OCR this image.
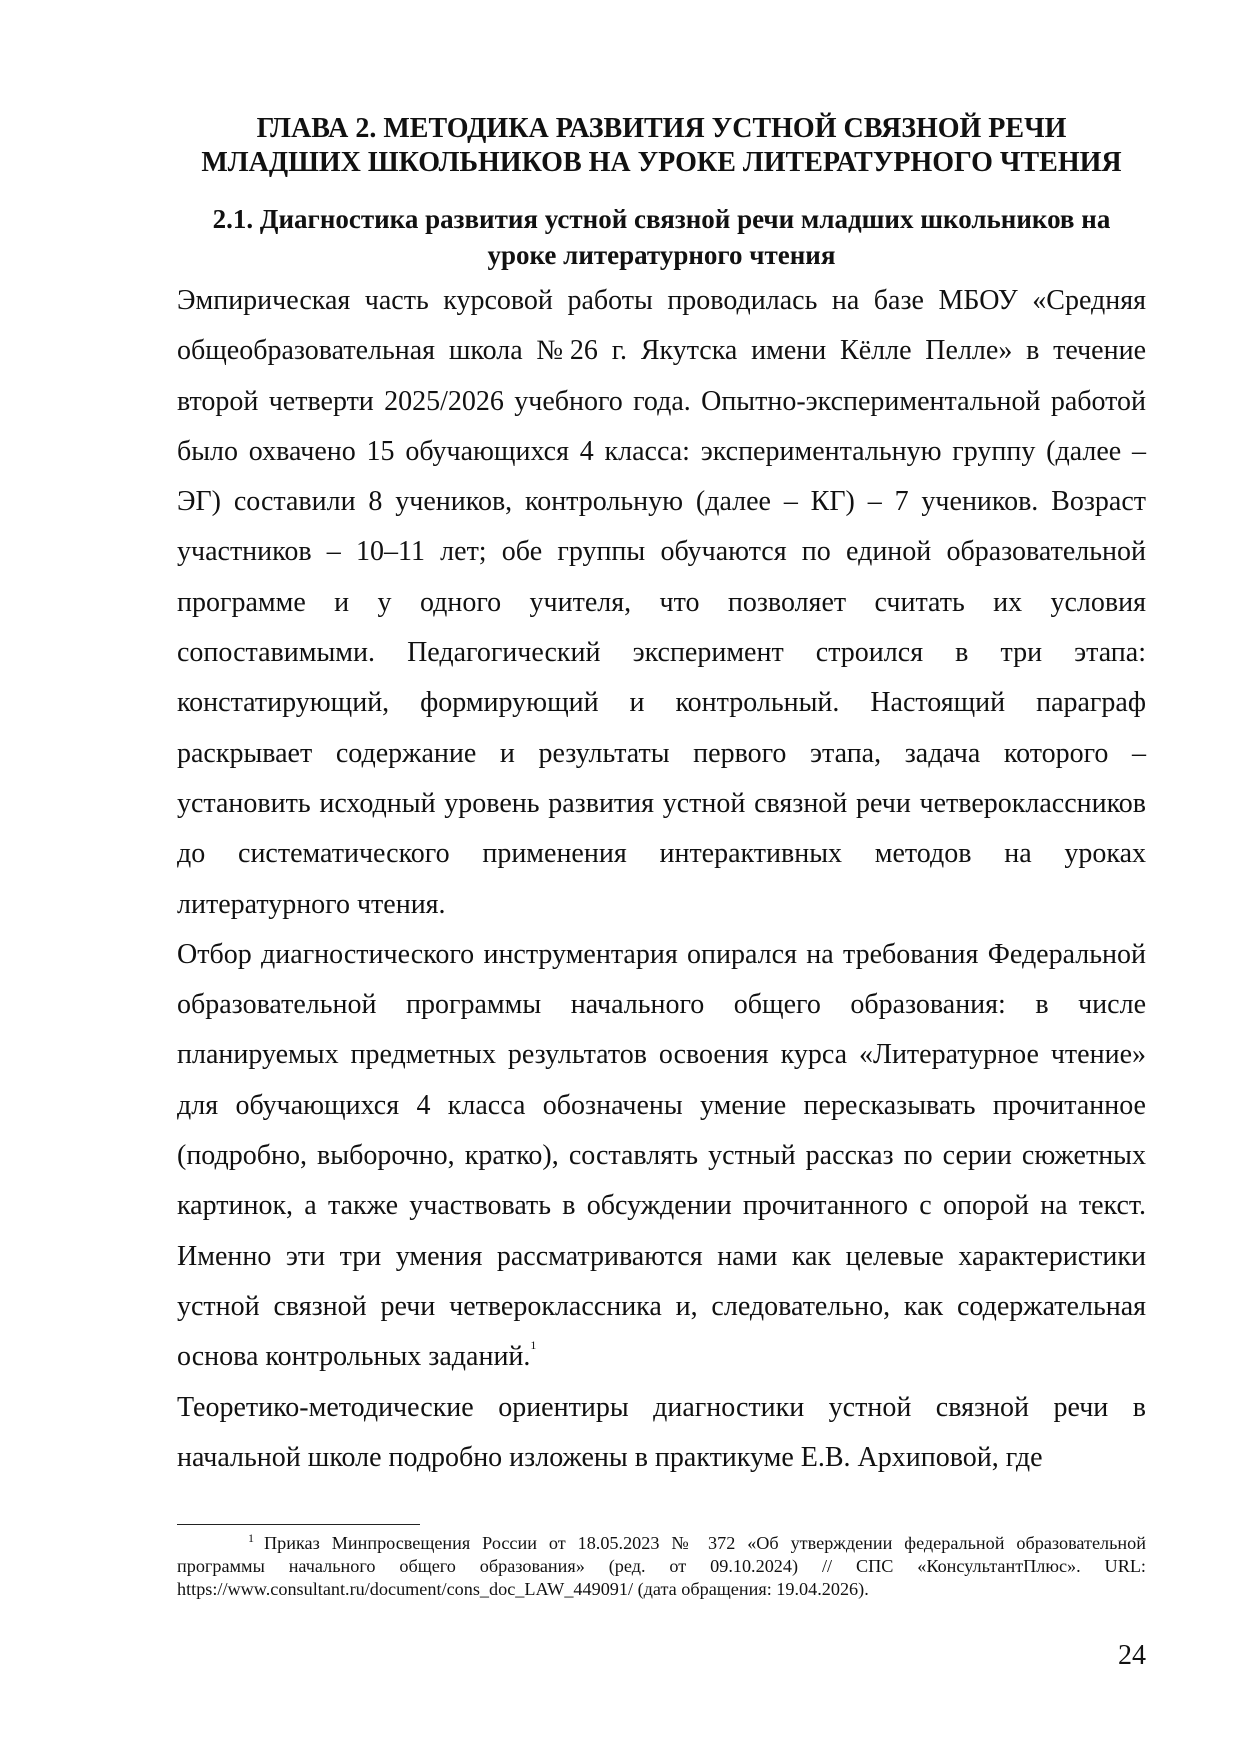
ГЛАВА 2. МЕТОДИКА РАЗВИТИЯ УСТНОЙ СВЯЗНОЙ РЕЧИ
МЛАДШИХ ШКОЛЬНИКОВ НА УРОКЕ ЛИТЕРАТУРНОГО ЧТЕНИЯ
2.1. Диагностика развития устной связной речи младших школьников на уроке литературного чтения

Эмпирическая часть курсовой работы проводилась на базе МБОУ «Средняя общеобразовательная школа №26 г. Якутска имени Кёлле Пелле» в течение второй четверти 2025/2026 учебного года. Опытно-экспериментальной работой было охвачено 15 обучающихся 4 класса: экспериментальную группу (далее – ЭГ) составили 8 учеников, контрольную (далее – КГ) – 7 учеников. Возраст участников – 10–11 лет; обе группы обучаются по единой образовательной программе и у одного учителя, что позволяет считать их условия сопоставимыми. Педагогический эксперимент строился в три этапа: констатирующий, формирующий и контрольный. Настоящий параграф раскрывает содержание и результаты первого этапа, задача которого – установить исходный уровень развития устной связной речи четвероклассников до систематического применения интерактивных методов на уроках литературного чтения.

Отбор диагностического инструментария опирался на требования Федеральной образовательной программы начального общего образования: в числе планируемых предметных результатов освоения курса «Литературное чтение» для обучающихся 4 класса обозначены умение пересказывать прочитанное (подробно, выборочно, кратко), составлять устный рассказ по серии сюжетных картинок, а также участвовать в обсуждении прочитанного с опорой на текст. Именно эти три умения рассматриваются нами как целевые характеристики устной связной речи четвероклассника и, следовательно, как содержательная основа контрольных заданий.$^1$

Теоретико-методические ориентиры диагностики устной связной речи в начальной школе подробно изложены в практикуме Е.В. Архиповой, где

$^1$ Приказ Минпросвещения России от 18.05.2023 № 372 «Об утверждении федеральной образовательной программы начального общего образования» (ред. от 09.10.2024) // СПС «КонсультантПлюс». URL: https://www.consultant.ru/document/cons_doc_LAW_449091/ (дата обращения: 19.04.2026).

24
